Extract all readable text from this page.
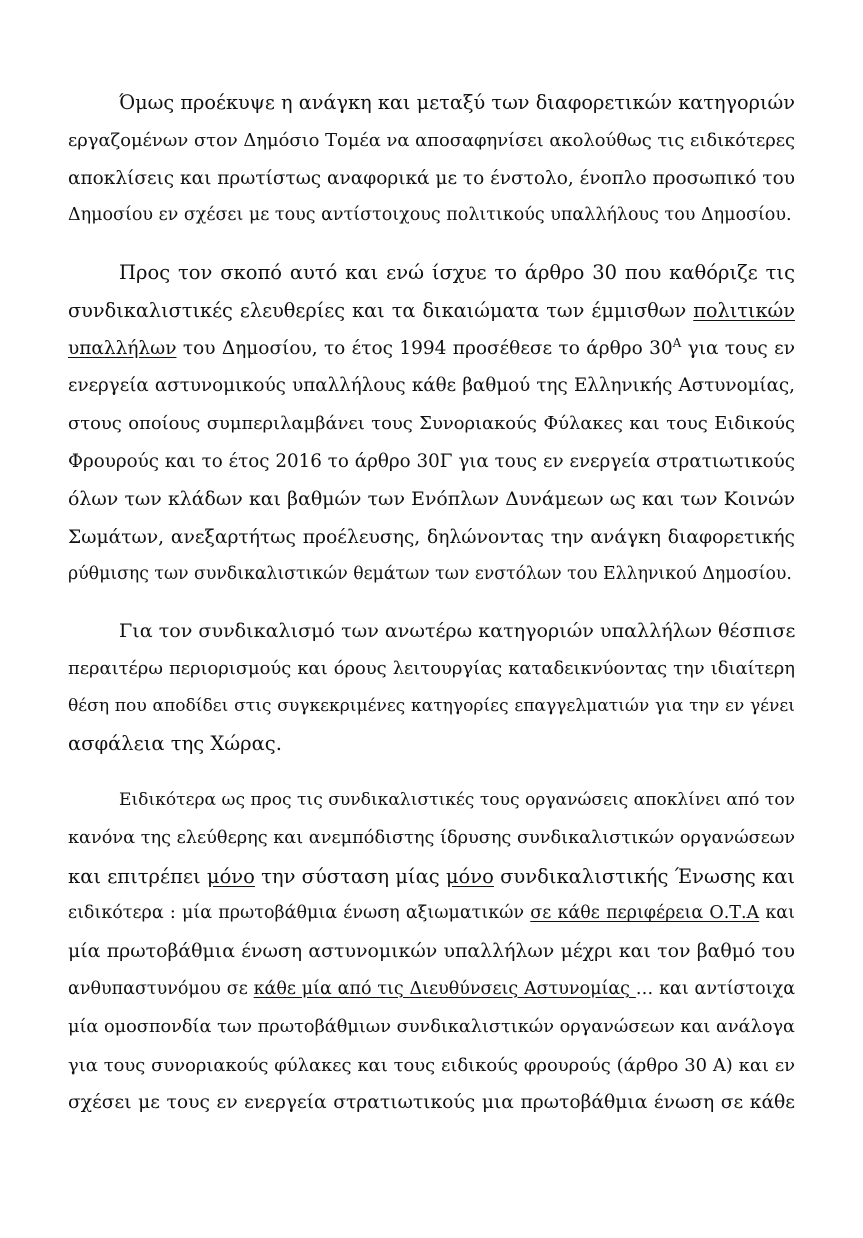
Όμως προέκυψε η ανάγκη και μεταξύ των διαφορετικών κατηγοριών
εργαζομένων στον Δημόσιο Τομέα να αποσαφηνίσει ακολούθως τις ειδικότερες
αποκλίσεις και πρωτίστως αναφορικά με το ένστολο, ένοπλο προσωπικό του
Δημοσίου εν σχέσει με τους αντίστοιχους πολιτικούς υπαλλήλους του Δημοσίου.
Προς τον σκοπό αυτό και ενώ ίσχυε το άρθρο 30 που καθόριζε τις
συνδικαλιστικές ελευθερίες και τα δικαιώματα των έμμισθων πολιτικών
υπαλλήλων του Δημοσίου, το έτος 1994 προσέθεσε το άρθρο $30^A$ για τους εν
ενεργεία αστυνομικούς υπαλλήλους κάθε βαθμού της Ελληνικής Αστυνομίας,
στους οποίους συμπεριλαμβάνει τους Συνοριακούς Φύλακες και τους Ειδικούς
Φρουρούς και το έτος 2016 το άρθρο 30Γ για τους εν ενεργεία στρατιωτικούς
όλων των κλάδων και βαθμών των Ενόπλων Δυνάμεων ως και των Κοινών
Σωμάτων, ανεξαρτήτως προέλευσης, δηλώνοντας την ανάγκη διαφορετικής
ρύθμισης των συνδικαλιστικών θεμάτων των ενστόλων του Ελληνικού Δημοσίου.
Για τον συνδικαλισμό των ανωτέρω κατηγοριών υπαλλήλων θέσπισε
περαιτέρω περιορισμούς και όρους λειτουργίας καταδεικνύοντας την ιδιαίτερη
θέση που αποδίδει στις συγκεκριμένες κατηγορίες επαγγελματιών για την εν γένει
ασφάλεια της Χώρας.
Ειδικότερα ως προς τις συνδικαλιστικές τους οργανώσεις αποκλίνει από τον
κανόνα της ελεύθερης και ανεμπόδιστης ίδρυσης συνδικαλιστικών οργανώσεων
και επιτρέπει μόνο την σύσταση μίας μόνο συνδικαλιστικής Ένωσης και
ειδικότερα : μία πρωτοβάθμια ένωση αξιωματικών σε κάθε περιφέρεια Ο.Τ.Α και
μία πρωτοβάθμια ένωση αστυνομικών υπαλλήλων μέχρι και τον βαθμό του
ανθυπαστυνόμου σε κάθε μία από τις Διευθύνσεις Αστυνομίας … και αντίστοιχα
μία ομοσπονδία των πρωτοβάθμιων συνδικαλιστικών οργανώσεων και ανάλογα
για τους συνοριακούς φύλακες και τους ειδικούς φρουρούς (άρθρο 30 Α) και εν
σχέσει με τους εν ενεργεία στρατιωτικούς μια πρωτοβάθμια ένωση σε κάθε
